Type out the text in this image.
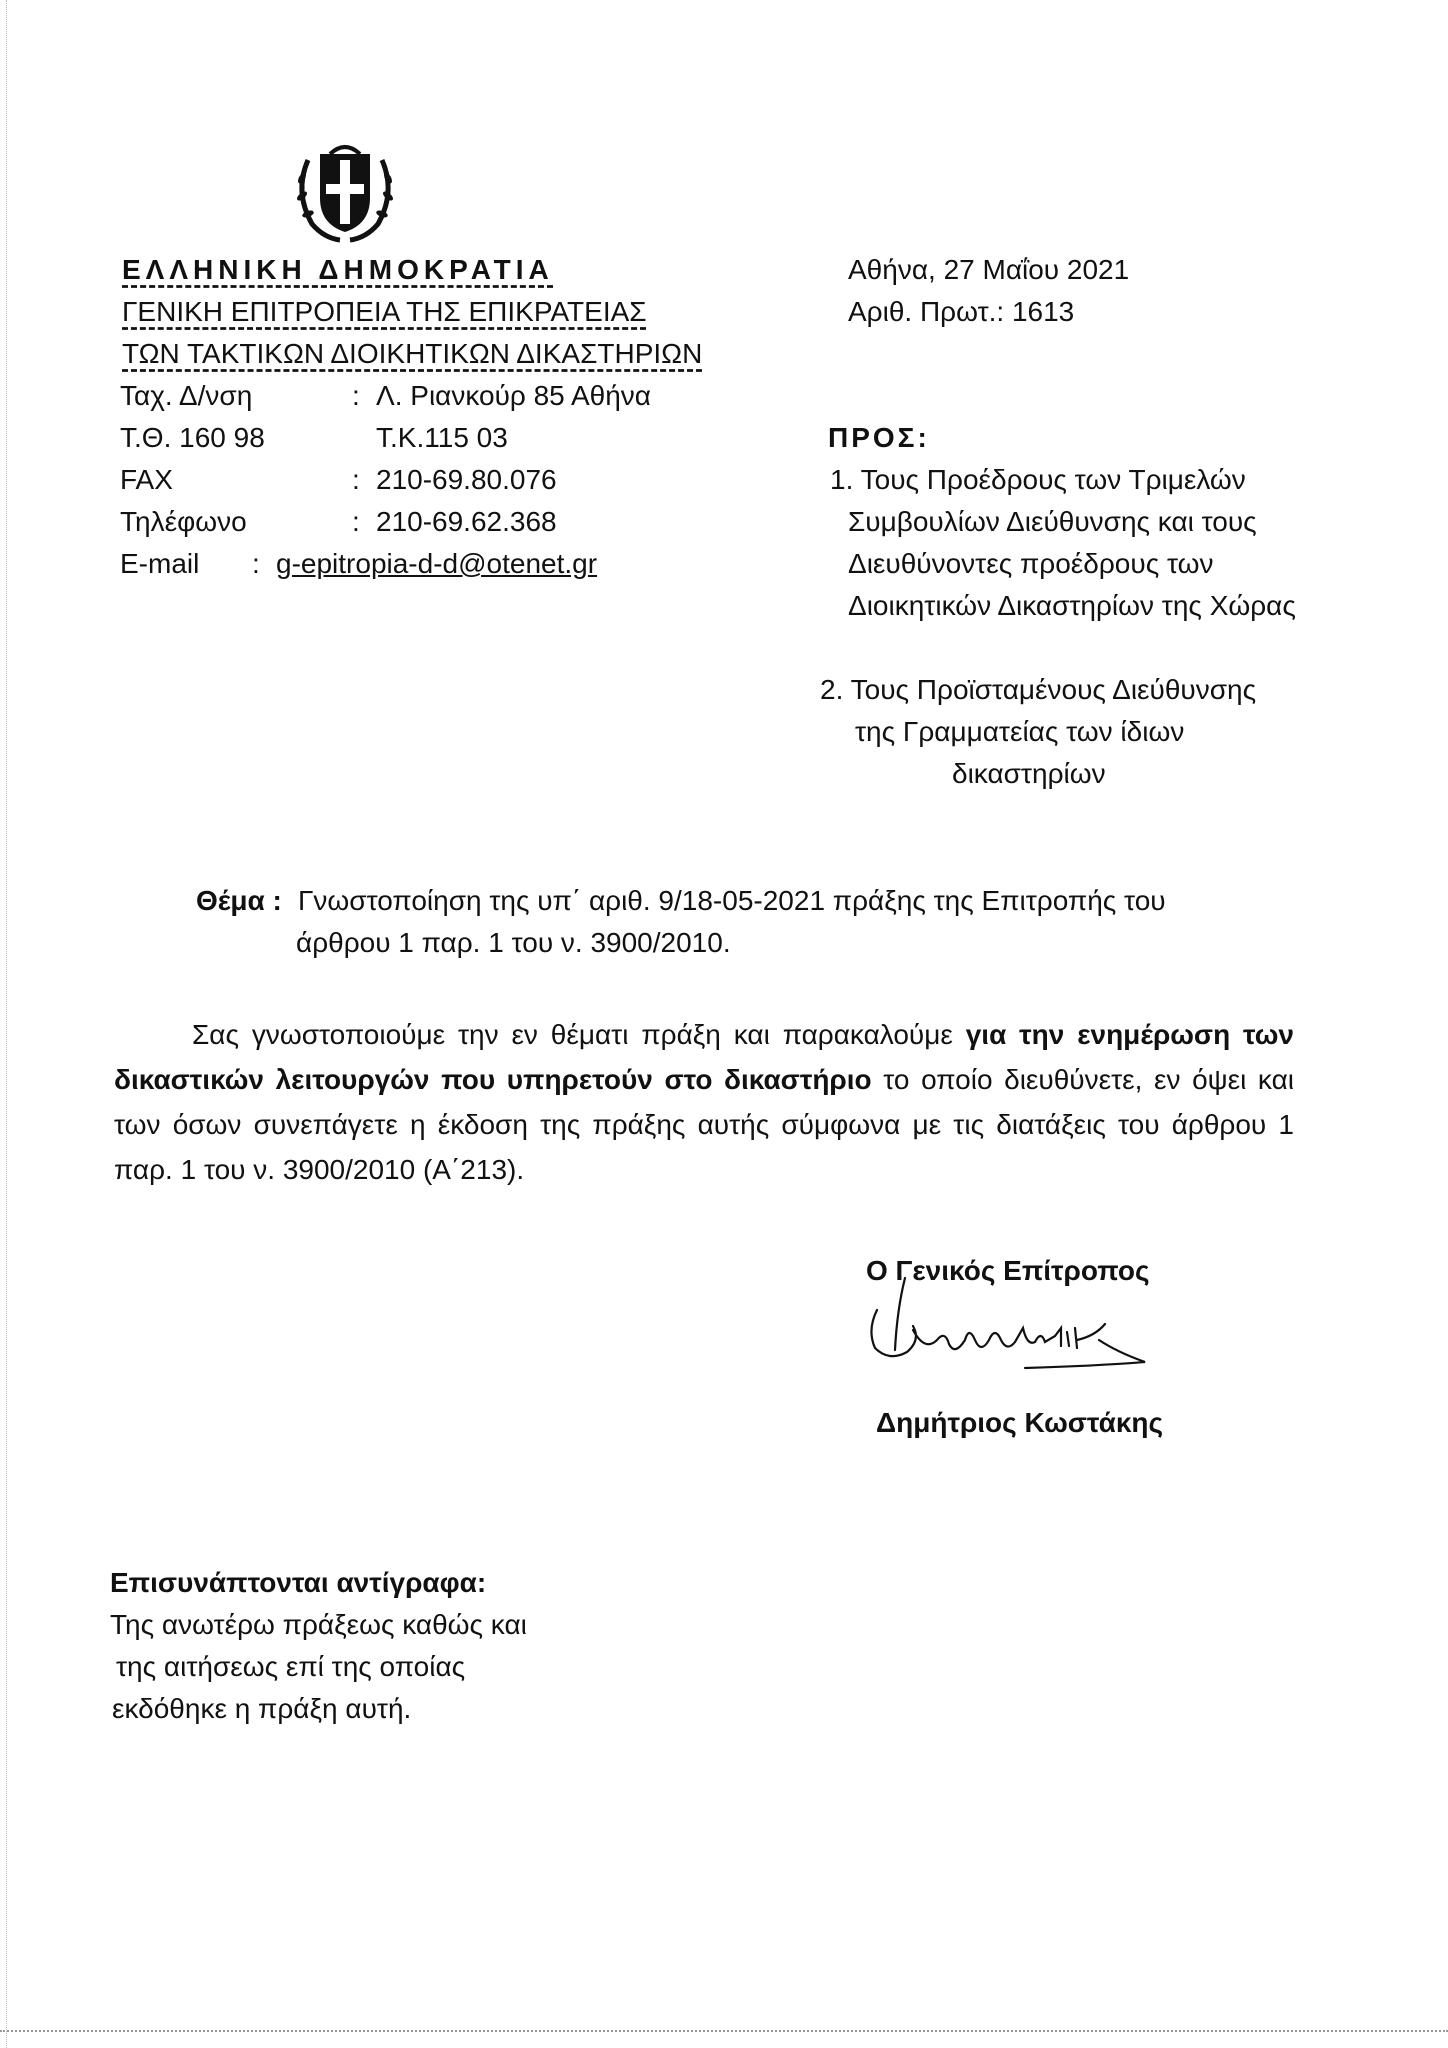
ΕΛΛΗΝΙΚΗ ΔΗΜΟΚΡΑΤΙΑ
ΓΕΝΙΚΗ ΕΠΙΤΡΟΠΕΙΑ ΤΗΣ ΕΠΙΚΡΑΤΕΙΑΣ
ΤΩΝ ΤΑΚΤΙΚΩΝ ΔΙΟΙΚΗΤΙΚΩΝ ΔΙΚΑΣΤΗΡΙΩΝ
Ταχ. Δ/νση	: Λ. Ριανκούρ 85 Αθήνα
Τ.Θ. 160 98	Τ.Κ.115 03
FAX	: 210-69.80.076
Τηλέφωνο	: 210-69.62.368
E-mail : g-epitropia-d-d@otenet.gr
Αθήνα, 27 Μαΐου 2021
Αριθ. Πρωτ.: 1613
ΠΡΟΣ:
1. Τους Προέδρους των Τριμελών
Συμβουλίων Διεύθυνσης και τους
Διευθύνοντες προέδρους των
Διοικητικών Δικαστηρίων της Χώρας
2. Τους Προϊσταμένους Διεύθυνσης
της Γραμματείας των ίδιων
δικαστηρίων
Θέμα : Γνωστοποίηση της υπ΄ αριθ. 9/18-05-2021 πράξης της Επιτροπής του
άρθρου 1 παρ. 1 του ν. 3900/2010.
Σας γνωστοποιούμε την εν θέματι πράξη και παρακαλούμε για την ενημέρωση των δικαστικών λειτουργών που υπηρετούν στο δικαστήριο το οποίο διευθύνετε, εν όψει και των όσων συνεπάγετε η έκδοση της πράξης αυτής σύμφωνα με τις διατάξεις του άρθρου 1 παρ. 1 του ν. 3900/2010 (Α΄213).
Ο Γενικός Επίτροπος
Δημήτριος Κωστάκης
Επισυνάπτονται αντίγραφα:
Της ανωτέρω πράξεως καθώς και
της αιτήσεως επί της οποίας
εκδόθηκε η πράξη αυτή.
